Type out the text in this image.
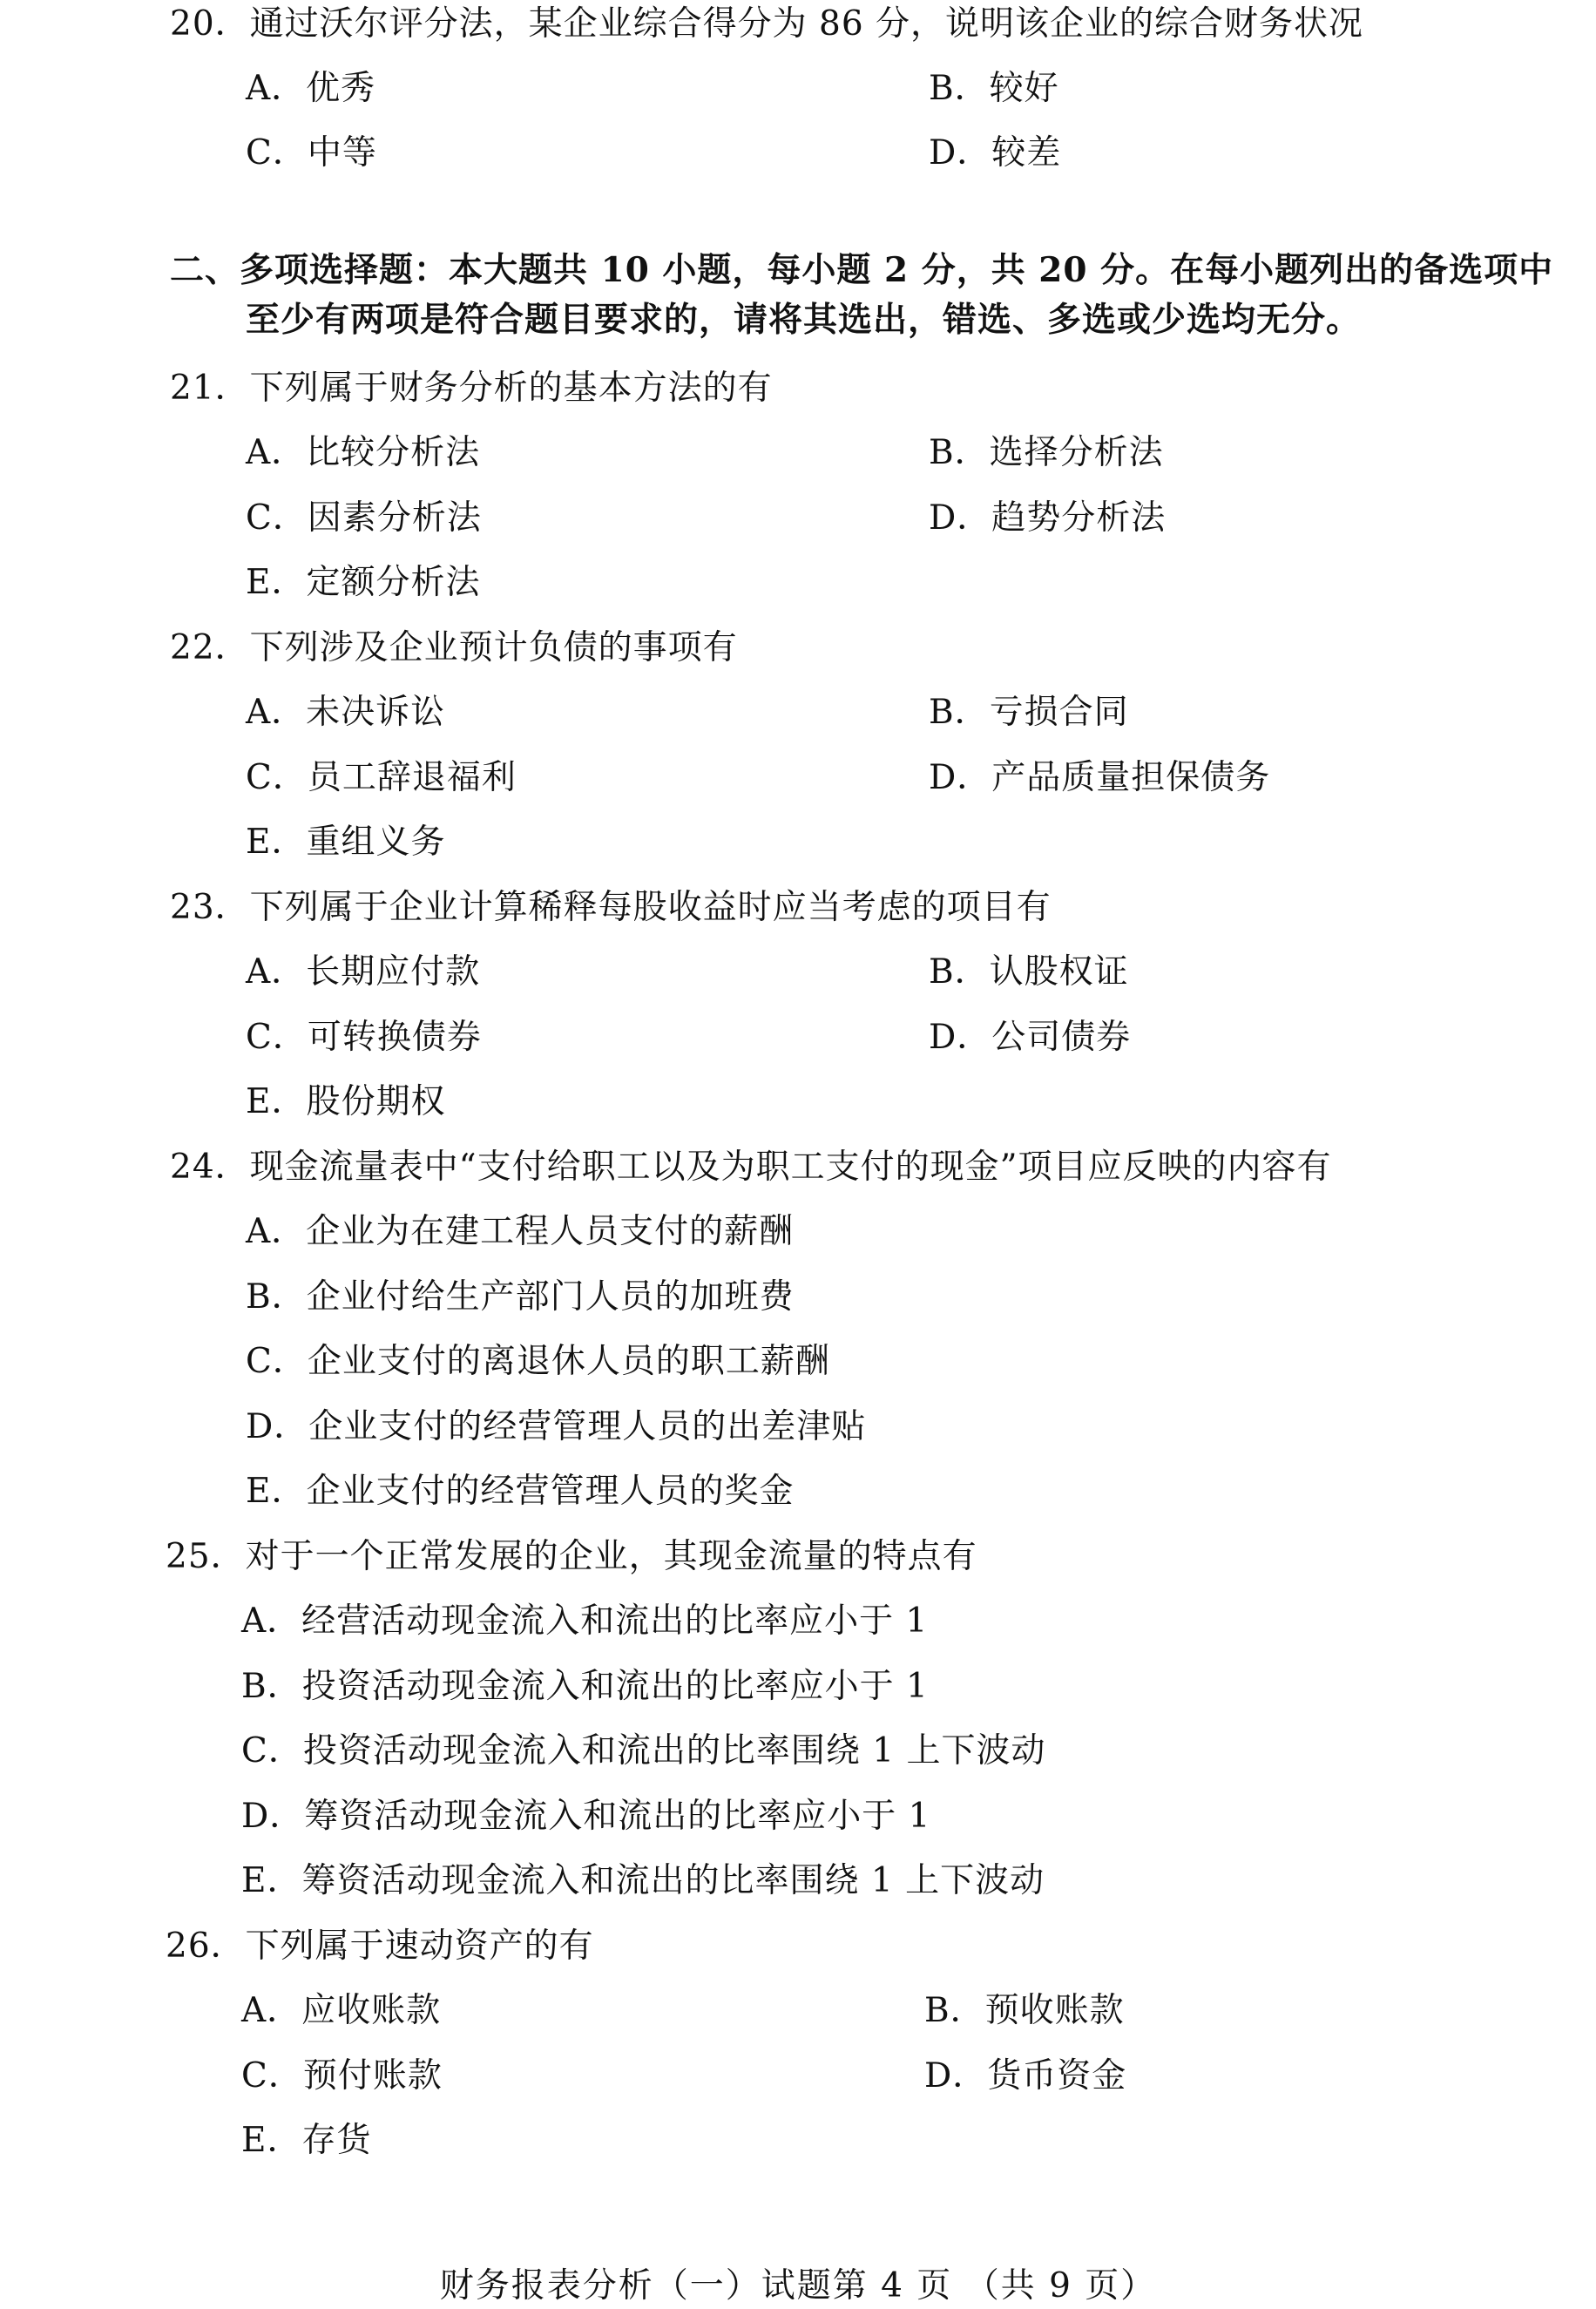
20．通过沃尔评分法，某企业综合得分为 86 分，说明该企业的综合财务状况
A．优秀	B．较好
C．中等	D．较差
二、多项选择题：本大题共 10 小题，每小题 2 分，共 20 分。在每小题列出的备选项中
至少有两项是符合题目要求的，请将其选出，错选、多选或少选均无分。
21．下列属于财务分析的基本方法的有
A．比较分析法	B．选择分析法
C．因素分析法	D．趋势分析法
E．定额分析法
22．下列涉及企业预计负债的事项有
A．未决诉讼	B．亏损合同
C．员工辞退福利	D．产品质量担保债务
E．重组义务
23．下列属于企业计算稀释每股收益时应当考虑的项目有
A．长期应付款	B．认股权证
C．可转换债券	D．公司债券
E．股份期权
24．现金流量表中“支付给职工以及为职工支付的现金”项目应反映的内容有
A．企业为在建工程人员支付的薪酬
B．企业付给生产部门人员的加班费
C．企业支付的离退休人员的职工薪酬
D．企业支付的经营管理人员的出差津贴
E．企业支付的经营管理人员的奖金
25．对于一个正常发展的企业，其现金流量的特点有
A．经营活动现金流入和流出的比率应小于 1
B．投资活动现金流入和流出的比率应小于 1
C．投资活动现金流入和流出的比率围绕 1 上下波动
D．筹资活动现金流入和流出的比率应小于 1
E．筹资活动现金流入和流出的比率围绕 1 上下波动
26．下列属于速动资产的有
A．应收账款	B．预收账款
C．预付账款	D．货币资金
E．存货
财务报表分析（一）试题第 4 页 （共 9 页）
